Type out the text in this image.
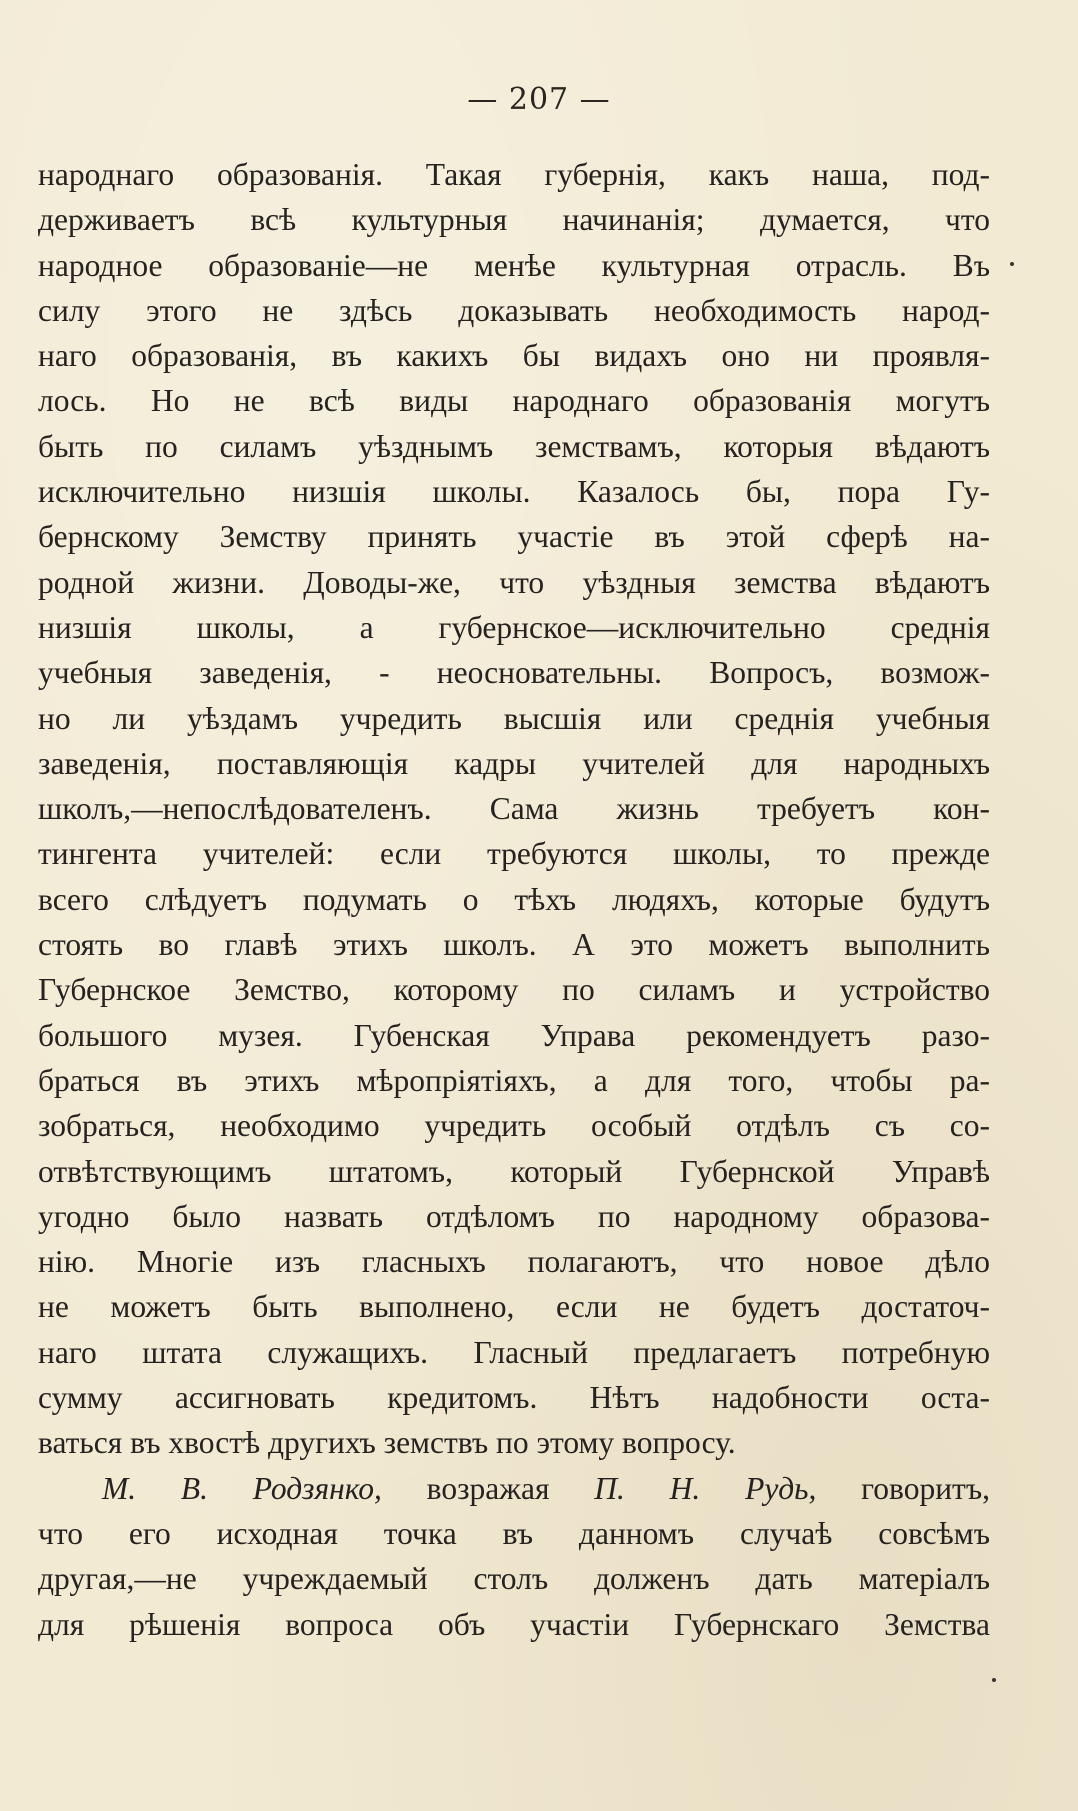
— 207 —
народнаго образованія. Такая губернія, какъ наша, под-
держиваетъ всѣ культурныя начинанія; думается, что
народное образованіе—не менѣе культурная отрасль. Въ
силу этого не здѣсь доказывать необходимость народ-
наго образованія, въ какихъ бы видахъ оно ни проявля-
лось. Но не всѣ виды народнаго образованія могутъ
быть по силамъ уѣзднымъ земствамъ, которыя вѣдаютъ
исключительно низшія школы. Казалось бы, пора Гу-
бернскому Земству принять участіе въ этой сферѣ на-
родной жизни. Доводы-же, что уѣздныя земства вѣдаютъ
низшія школы, а губернское—исключительно среднія
учебныя заведенія, - неосновательны. Вопросъ, возмож-
но ли уѣздамъ учредить высшія или среднія учебныя
заведенія, поставляющія кадры учителей для народныхъ
школъ,—непослѣдователенъ. Сама жизнь требуетъ кон-
тингента учителей: если требуются школы, то прежде
всего слѣдуетъ подумать о тѣхъ людяхъ, которые будутъ
стоять во главѣ этихъ школъ. А это можетъ выполнить
Губернское Земство, которому по силамъ и устройство
большого музея. Губенская Управа рекомендуетъ разо-
браться въ этихъ мѣропріятіяхъ, а для того, чтобы ра-
зобраться, необходимо учредить особый отдѣлъ съ со-
отвѣтствующимъ штатомъ, который Губернской Управѣ
угодно было назвать отдѣломъ по народному образова-
нію. Многіе изъ гласныхъ полагаютъ, что новое дѣло
не можетъ быть выполнено, если не будетъ достаточ-
наго штата служащихъ. Гласный предлагаетъ потребную
сумму ассигновать кредитомъ. Нѣтъ надобности оста-
ваться въ хвостѣ другихъ земствъ по этому вопросу.
М. В. Родзянко, возражая П. Н. Рудь, говоритъ,
что его исходная точка въ данномъ случаѣ совсѣмъ
другая,—не учреждаемый столъ долженъ дать матеріалъ
для рѣшенія вопроса объ участіи Губернскаго Земства
